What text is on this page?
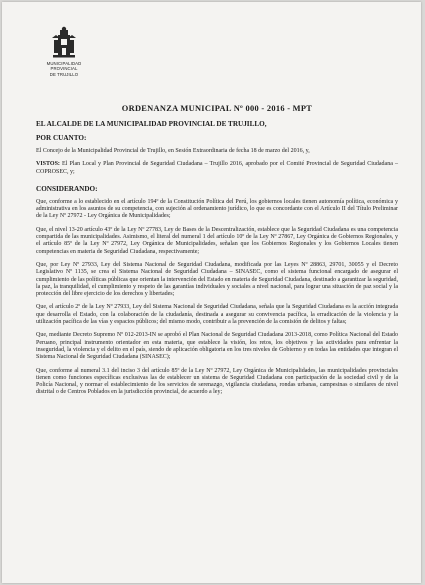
MUNICIPALIDAD PROVINCIAL
DE TRUJILLO
ORDENANZA MUNICIPAL Nº 000 - 2016 - MPT
EL ALCALDE DE LA MUNICIPALIDAD PROVINCIAL DE TRUJILLO,
POR CUANTO:

El Concejo de la Municipalidad Provincial de Trujillo, en Sesión Extraordinaria de fecha 18 de marzo del 2016, y,

VISTOS: El Plan Local y Plan Provincial de Seguridad Ciudadana – Trujillo 2016, aprobado por el Comité Provincial de Seguridad Ciudadana – COPROSEC, y;

CONSIDERANDO:

Que, conforme a lo establecido en el artículo 194º de la Constitución Política del Perú, los gobiernos locales tienen autonomía política, económica y administrativa en los asuntos de su competencia, con sujeción al ordenamiento jurídico, lo que es concordante con el Artículo II del Título Preliminar de la Ley Nº 27972 - Ley Orgánica de Municipalidades;

Que, el nivel 13-20 artículo 43º de la Ley Nº 27783, Ley de Bases de la Descentralización, establece que la Seguridad Ciudadana es una competencia compartida de las municipalidades. Asimismo, el literal del numeral 1 del artículo 10º de la Ley Nº 27867, Ley Orgánica de Gobiernos Regionales, y el artículo 85º de la Ley Nº 27972, Ley Orgánica de Municipalidades, señalan que los Gobiernos Regionales y los Gobiernos Locales tienen competencias en materia de Seguridad Ciudadana, respectivamente;

Que, por Ley Nº 27933, Ley del Sistema Nacional de Seguridad Ciudadana, modificada por las Leyes Nº 28863, 29701, 30055 y el Decreto Legislativo Nº 1135, se crea el Sistema Nacional de Seguridad Ciudadana – SINASEC, como el sistema funcional encargado de asegurar el cumplimiento de las políticas públicas que orientan la intervención del Estado en materia de Seguridad Ciudadana, destinado a garantizar la seguridad, la paz, la tranquilidad, el cumplimiento y respeto de las garantías individuales y sociales a nivel nacional, para lograr una situación de paz social y la protección del libre ejercicio de los derechos y libertades;

Que, el artículo 2º de la Ley Nº 27933, Ley del Sistema Nacional de Seguridad Ciudadana, señala que la Seguridad Ciudadana es la acción integrada que desarrolla el Estado, con la colaboración de la ciudadanía, destinada a asegurar su convivencia pacífica, la erradicación de la violencia y la utilización pacífica de las vías y espacios públicos; del mismo modo, contribuir a la prevención de la comisión de delitos y faltas;

Que, mediante Decreto Supremo Nº 012-2013-IN se aprobó el Plan Nacional de Seguridad Ciudadana 2013-2018, como Política Nacional del Estado Peruano, principal instrumento orientador en esta materia, que establece la visión, los retos, los objetivos y las actividades para enfrentar la inseguridad, la violencia y el delito en el país, siendo de aplicación obligatoria en los tres niveles de Gobierno y en todas las entidades que integran el Sistema Nacional de Seguridad Ciudadana (SINASEC);

Que, conforme al numeral 3.1 del inciso 3 del artículo 85º de la Ley Nº 27972, Ley Orgánica de Municipalidades, las municipalidades provinciales tienen como funciones específicas exclusivas las de establecer un sistema de Seguridad Ciudadana con participación de la sociedad civil y de la Policía Nacional, y normar el establecimiento de los servicios de serenazgo, vigilancia ciudadana, rondas urbanas, campesinas o similares de nivel distrital o de Centros Poblados en la jurisdicción provincial, de acuerdo a ley;
